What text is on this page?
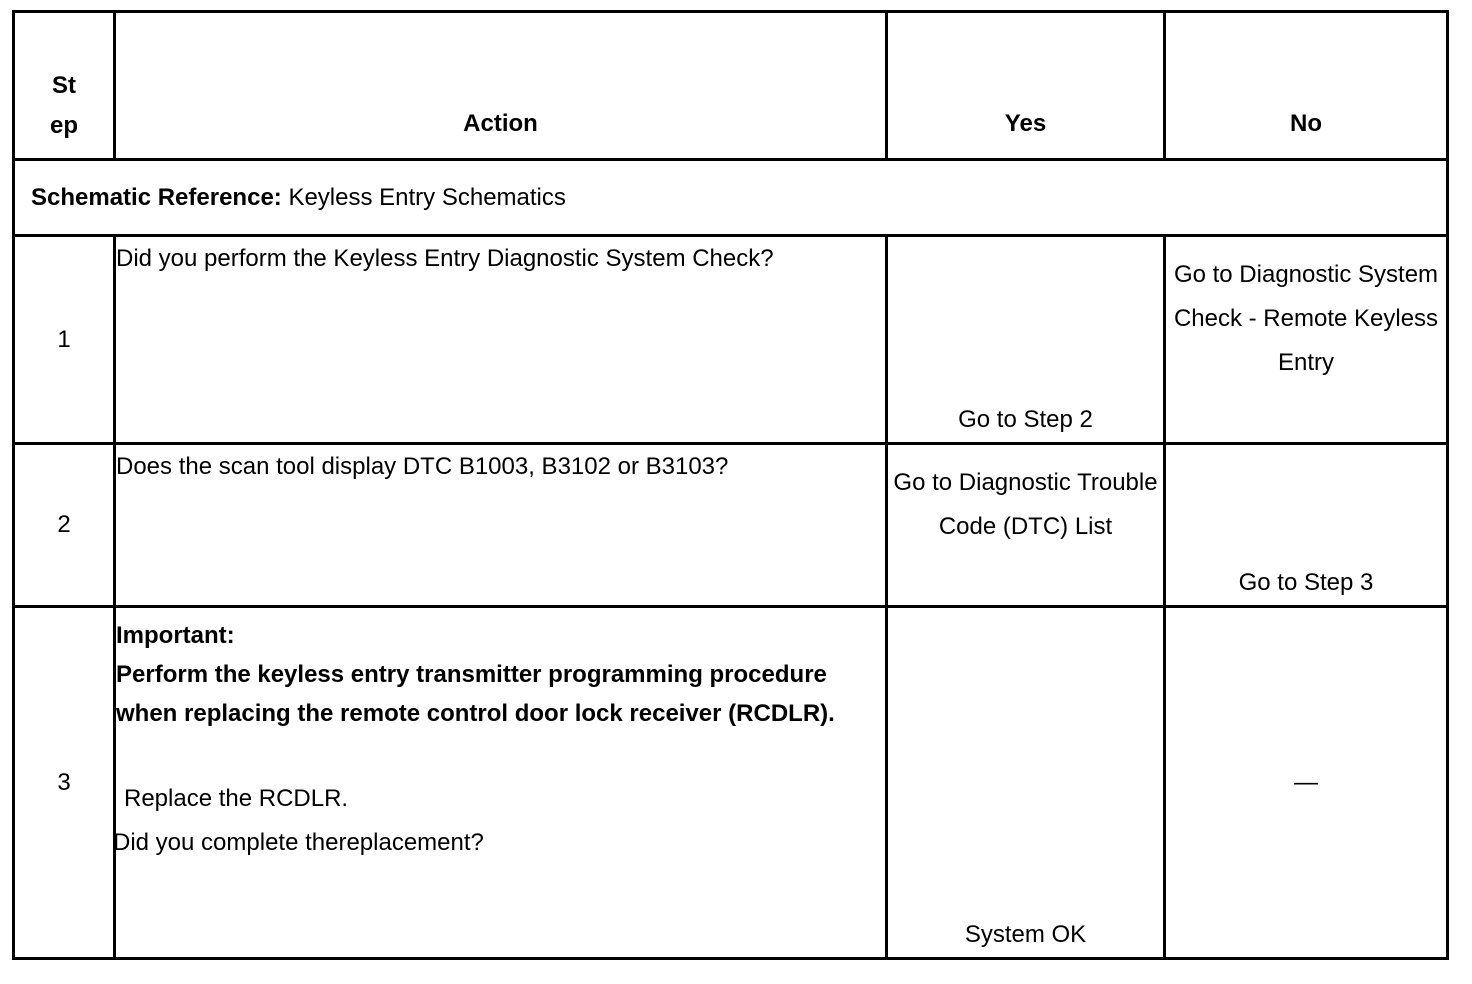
St
ep	Action	Yes	No
Schematic Reference: Keyless Entry Schematics			
1	Did you perform the Keyless Entry Diagnostic System Check?	Go to Step 2	Go to Diagnostic System Check - Remote Keyless Entry
2	Does the scan tool display DTC B1003, B3102 or B3103?	Go to Diagnostic Trouble Code (DTC) List	Go to Step 3
3	Important:
Perform the keyless entry transmitter programming procedure when replacing the remote control door lock receiver (RCDLR).
Replace the RCDLR.
Did you complete thereplacement?	System OK	—
